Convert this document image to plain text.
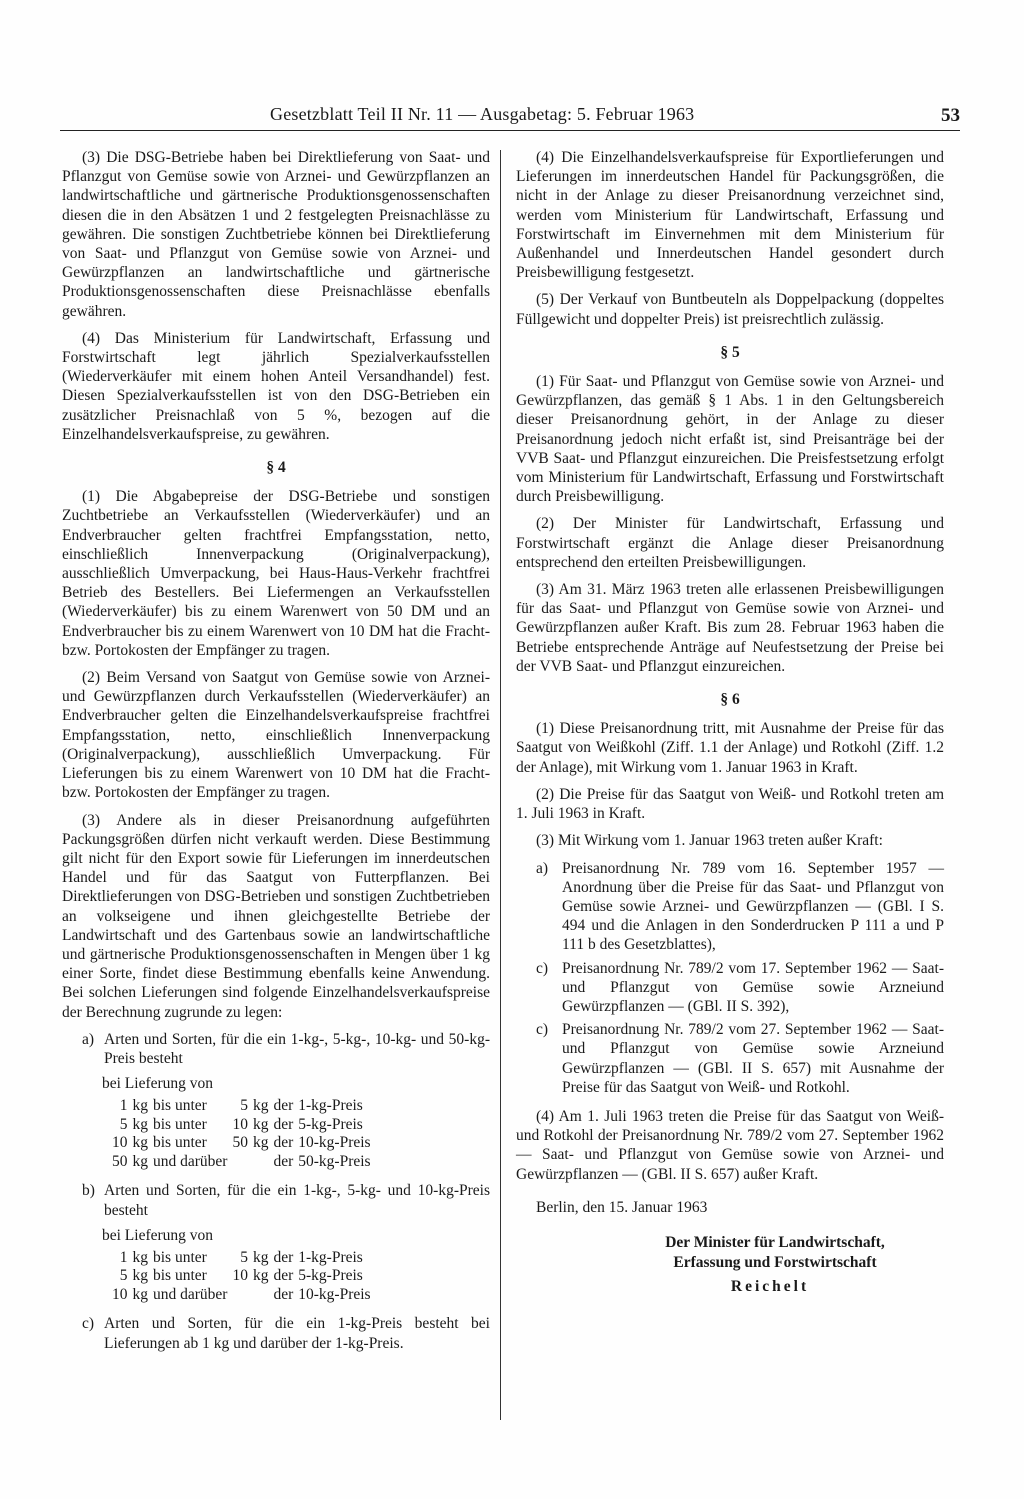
Gesetzblatt Teil II Nr. 11 — Ausgabetag: 5. Februar 1963	53

(3) Die DSG-Betriebe haben bei Direktlieferung von Saat- und Pflanzgut von Gemüse sowie von Arznei- und Gewürzpflanzen an landwirtschaftliche und gärtnerische Produktionsgenossenschaften diesen die in den Absätzen 1 und 2 festgelegten Preisnachlässe zu gewähren. Die sonstigen Zuchtbetriebe können bei Direktlieferung von Saat- und Pflanzgut von Gemüse sowie von Arznei- und Gewürzpflanzen an landwirtschaftliche und gärtnerische Produktionsgenossenschaften diese Preisnachlässe ebenfalls gewähren.

(4) Das Ministerium für Landwirtschaft, Erfassung und Forstwirtschaft legt jährlich Spezialverkaufsstellen (Wiederverkäufer mit einem hohen Anteil Versandhandel) fest. Diesen Spezialverkaufsstellen ist von den DSG-Betrieben ein zusätzlicher Preisnachlaß von 5 %, bezogen auf die Einzelhandelsverkaufspreise, zu gewähren.

§ 4

(1) Die Abgabepreise der DSG-Betriebe und sonstigen Zuchtbetriebe an Verkaufsstellen (Wiederverkäufer) und an Endverbraucher gelten frachtfrei Empfangsstation, netto, einschließlich Innenverpackung (Originalverpackung), ausschließlich Umverpackung, bei Haus-Haus-Verkehr frachtfrei Betrieb des Bestellers. Bei Liefermengen an Verkaufsstellen (Wiederverkäufer) bis zu einem Warenwert von 50 DM und an Endverbraucher bis zu einem Warenwert von 10 DM hat die Fracht- bzw. Portokosten der Empfänger zu tragen.

(2) Beim Versand von Saatgut von Gemüse sowie von Arznei- und Gewürzpflanzen durch Verkaufsstellen (Wiederverkäufer) an Endverbraucher gelten die Einzelhandelsverkaufspreise frachtfrei Empfangsstation, netto, einschließlich Innenverpackung (Originalverpackung), ausschließlich Umverpackung. Für Lieferungen bis zu einem Warenwert von 10 DM hat die Fracht- bzw. Portokosten der Empfänger zu tragen.

(3) Andere als in dieser Preisanordnung aufgeführten Packungsgrößen dürfen nicht verkauft werden. Diese Bestimmung gilt nicht für den Export sowie für Lieferungen im innerdeutschen Handel und für das Saatgut von Futterpflanzen. Bei Direktlieferungen von DSG-Betrieben und sonstigen Zuchtbetrieben an volkseigene und ihnen gleichgestellte Betriebe der Landwirtschaft und des Gartenbaus sowie an landwirtschaftliche und gärtnerische Produktionsgenossenschaften in Mengen über 1 kg einer Sorte, findet diese Bestimmung ebenfalls keine Anwendung. Bei solchen Lieferungen sind folgende Einzelhandelsverkaufspreise der Berechnung zugrunde zu legen:

a) Arten und Sorten, für die ein 1-kg-, 5-kg-, 10-kg- und 50-kg-Preis besteht
bei Lieferung von
1	kg	bis unter	5	kg	der	1-kg-Preis
5	kg	bis unter	10	kg	der	5-kg-Preis
10	kg	bis unter	50	kg	der	10-kg-Preis
50	kg	und darüber			der	50-kg-Preis
b) Arten und Sorten, für die ein 1-kg-, 5-kg- und 10-kg-Preis besteht
bei Lieferung von
1	kg	bis unter	5	kg	der	1-kg-Preis
5	kg	bis unter	10	kg	der	5-kg-Preis
10	kg	und darüber			der	10-kg-Preis
c) Arten und Sorten, für die ein 1-kg-Preis besteht bei Lieferungen ab 1 kg und darüber der 1-kg-Preis.

(4) Die Einzelhandelsverkaufspreise für Exportlieferungen und Lieferungen im innerdeutschen Handel für Packungsgrößen, die nicht in der Anlage zu dieser Preisanordnung verzeichnet sind, werden vom Ministerium für Landwirtschaft, Erfassung und Forstwirtschaft im Einvernehmen mit dem Ministerium für Außenhandel und Innerdeutschen Handel gesondert durch Preisbewilligung festgesetzt.

(5) Der Verkauf von Buntbeuteln als Doppelpackung (doppeltes Füllgewicht und doppelter Preis) ist preisrechtlich zulässig.

§ 5

(1) Für Saat- und Pflanzgut von Gemüse sowie von Arznei- und Gewürzpflanzen, das gemäß § 1 Abs. 1 in den Geltungsbereich dieser Preisanordnung gehört, in der Anlage zu dieser Preisanordnung jedoch nicht erfaßt ist, sind Preisanträge bei der VVB Saat- und Pflanzgut einzureichen. Die Preisfestsetzung erfolgt vom Ministerium für Landwirtschaft, Erfassung und Forstwirtschaft durch Preisbewilligung.

(2) Der Minister für Landwirtschaft, Erfassung und Forstwirtschaft ergänzt die Anlage dieser Preisanordnung entsprechend den erteilten Preisbewilligungen.

(3) Am 31. März 1963 treten alle erlassenen Preisbewilligungen für das Saat- und Pflanzgut von Gemüse sowie von Arznei- und Gewürzpflanzen außer Kraft. Bis zum 28. Februar 1963 haben die Betriebe entsprechende Anträge auf Neufestsetzung der Preise bei der VVB Saat- und Pflanzgut einzureichen.

§ 6

(1) Diese Preisanordnung tritt, mit Ausnahme der Preise für das Saatgut von Weißkohl (Ziff. 1.1 der Anlage) und Rotkohl (Ziff. 1.2 der Anlage), mit Wirkung vom 1. Januar 1963 in Kraft.

(2) Die Preise für das Saatgut von Weiß- und Rotkohl treten am 1. Juli 1963 in Kraft.

(3) Mit Wirkung vom 1. Januar 1963 treten außer Kraft:

a) Preisanordnung Nr. 789 vom 16. September 1957 — Anordnung über die Preise für das Saat- und Pflanzgut von Gemüse sowie Arznei- und Gewürzpflanzen — (GBl. I S. 494 und die Anlagen in den Sonderdrucken P 111 a und P 111 b des Gesetzblattes),
c) Preisanordnung Nr. 789/2 vom 17. September 1962 — Saat- und Pflanzgut von Gemüse sowie Arzneiund Gewürzpflanzen — (GBl. II S. 392),
c) Preisanordnung Nr. 789/2 vom 27. September 1962 — Saat- und Pflanzgut von Gemüse sowie Arzneiund Gewürzpflanzen — (GBl. II S. 657) mit Ausnahme der Preise für das Saatgut von Weiß- und Rotkohl.

(4) Am 1. Juli 1963 treten die Preise für das Saatgut von Weiß- und Rotkohl der Preisanordnung Nr. 789/2 vom 27. September 1962 — Saat- und Pflanzgut von Gemüse sowie von Arznei- und Gewürzpflanzen — (GBl. II S. 657) außer Kraft.

Berlin, den 15. Januar 1963

Der Minister für Landwirtschaft,

Erfassung und Forstwirtschaft

Reichelt
